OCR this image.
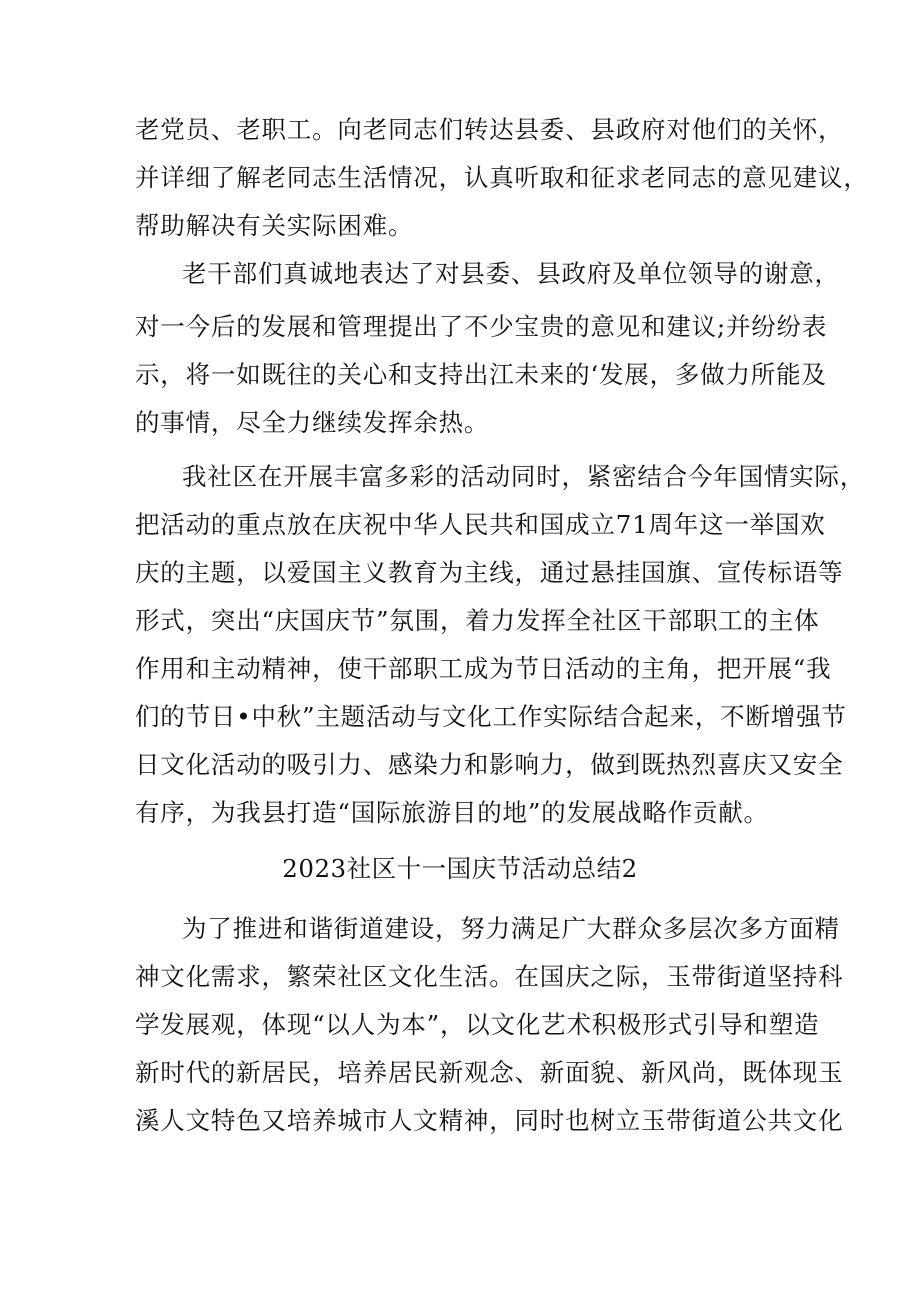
老党员、老职工。向老同志们转达县委、县政府对他们的关怀，

并详细了解老同志生活情况，认真听取和征求老同志的意见建议，

帮助解决有关实际困难。

老干部们真诚地表达了对县委、县政府及单位领导的谢意，

对一今后的发展和管理提出了不少宝贵的意见和建议;并纷纷表

示，将一如既往的关心和支持出江未来的‘发展，多做力所能及

的事情，尽全力继续发挥余热。

我社区在开展丰富多彩的活动同时，紧密结合今年国情实际，

把活动的重点放在庆祝中华人民共和国成立71周年这一举国欢

庆的主题，以爱国主义教育为主线，通过悬挂国旗、宣传标语等

形式，突出“庆国庆节”氛围，着力发挥全社区干部职工的主体

作用和主动精神，使干部职工成为节日活动的主角，把开展“我

们的节日•中秋”主题活动与文化工作实际结合起来，不断增强节

日文化活动的吸引力、感染力和影响力，做到既热烈喜庆又安全

有序，为我县打造“国际旅游目的地”的发展战略作贡献。

2023社区十一国庆节活动总结2

为了推进和谐街道建设，努力满足广大群众多层次多方面精

神文化需求，繁荣社区文化生活。在国庆之际，玉带街道坚持科

学发展观，体现“以人为本”，以文化艺术积极形式引导和塑造

新时代的新居民，培养居民新观念、新面貌、新风尚，既体现玉

溪人文特色又培养城市人文精神，同时也树立玉带街道公共文化
